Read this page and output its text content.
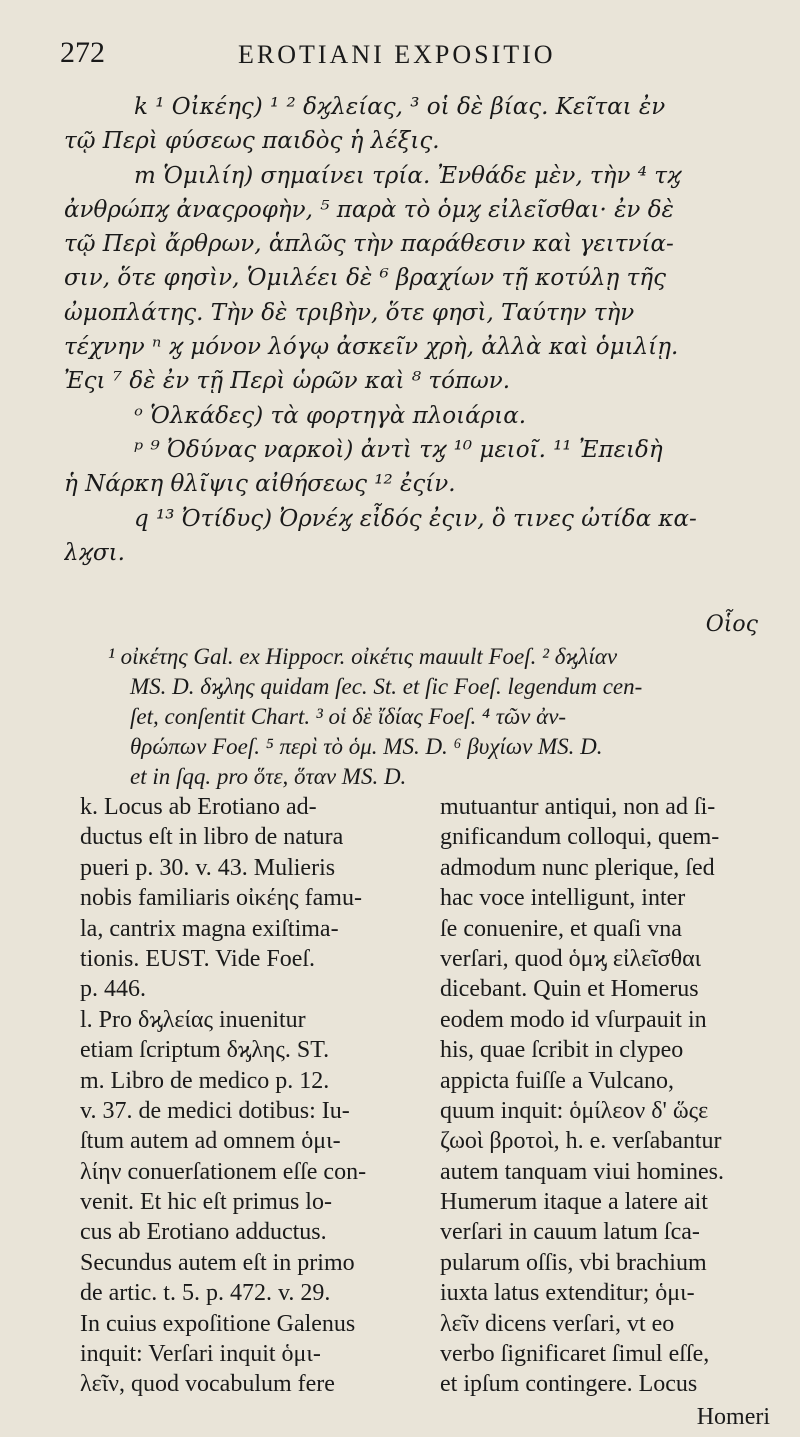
272	EROTIANI EXPOSITIO
k ¹ Οἰκέης) ¹ ² δϗλείας, ³ οἱ δὲ βίας. Κεῖται ἐν
τῷ Περὶ φύσεως παιδὸς ἡ λέξις.
m Ὁμιλίη) σημαίνει τρία. Ἐνθάδε μὲν, τὴν ⁴ τϗ
ἀνθρώπϗ ἀναςροφὴν, ⁵ παρὰ τὸ ὁμϗ εἰλεῖσθαι· ἐν δὲ
τῷ Περὶ ἄρθρων, ἁπλῶς τὴν παράθεσιν καὶ γειτνία-
σιν, ὅτε φησὶν, Ὁμιλέει δὲ ⁶ βραχίων τῇ κοτύλῃ τῆς
ὠμοπλάτης. Τὴν δὲ τριβὴν, ὅτε φησὶ, Ταύτην τὴν
τέχνην ⁿ ϗ μόνον λόγῳ ἀσκεῖν χρὴ, ἀλλὰ καὶ ὁμιλίῃ.
Ἐςι ⁷ δὲ ἐν τῇ Περὶ ὡρῶν καὶ ⁸ τόπων.
ᵒ Ὁλκάδες) τὰ φορτηγὰ πλοιάρια.
ᵖ ⁹ Ὀδύνας ναρκοὶ) ἀντὶ τϗ ¹⁰ μειοῖ. ¹¹ Ἐπειδὴ
ἡ Νάρκη θλῖψις αἰθήσεως ¹² ἐςίν.
q ¹³ Ὀτίδυς) Ὀρνέϗ εἶδός ἐςιν, ὃ τινες ὠτίδα κα-
λϗσι.
Οἷος
¹ οἰκέτης Gal. ex Hippocr. οἰκέτις mauult Foeſ. ² δϗλίαν
MS. D. δϗλης quidam ſec. St. et ſic Foeſ. legendum cen-
ſet, conſentit Chart. ³ οἱ δὲ ἴδίας Foeſ. ⁴ τῶν ἀν-
θρώπων Foeſ. ⁵ περὶ τὸ ὁμ. MS. D. ⁶ βυχίων MS. D.
et in ſqq. pro ὅτε, ὅταν MS. D.
k. Locus ab Erotiano ad-
ductus eſt in libro de natura
pueri p. 30. v. 43. Mulieris
nobis familiaris οἰκέης famu-
la, cantrix magna exiſtima-
tionis. EUST. Vide Foeſ.
p. 446.
l. Pro δϗλείας inuenitur
etiam ſcriptum δϗλης. ST.
m. Libro de medico p. 12.
v. 37. de medici dotibus: Iu-
ſtum autem ad omnem ὁμι-
λίην conuerſationem eſſe con-
venit. Et hic eſt primus lo-
cus ab Erotiano adductus.
Secundus autem eſt in primo
de artic. t. 5. p. 472. v. 29.
In cuius expoſitione Galenus
inquit: Verſari inquit ὁμι-
λεῖν, quod vocabulum fere
mutuantur antiqui, non ad ſi-
gnificandum colloqui, quem-
admodum nunc plerique, ſed
hac voce intelligunt, inter
ſe conuenire, et quaſi vna
verſari, quod ὁμϗ εἰλεῖσθαι
dicebant. Quin et Homerus
eodem modo id vſurpauit in
his, quae ſcribit in clypeo
appicta fuiſſe a Vulcano,
quum inquit: ὁμίλεον δ' ὥςε
ζωοὶ βροτοὶ, h. e. verſabantur
autem tanquam viui homines.
Humerum itaque a latere ait
verſari in cauum latum ſca-
pularum oſſis, vbi brachium
iuxta latus extenditur; ὁμι-
λεῖν dicens verſari, vt eo
verbo ſignificaret ſimul eſſe,
et ipſum contingere. Locus
Homeri
